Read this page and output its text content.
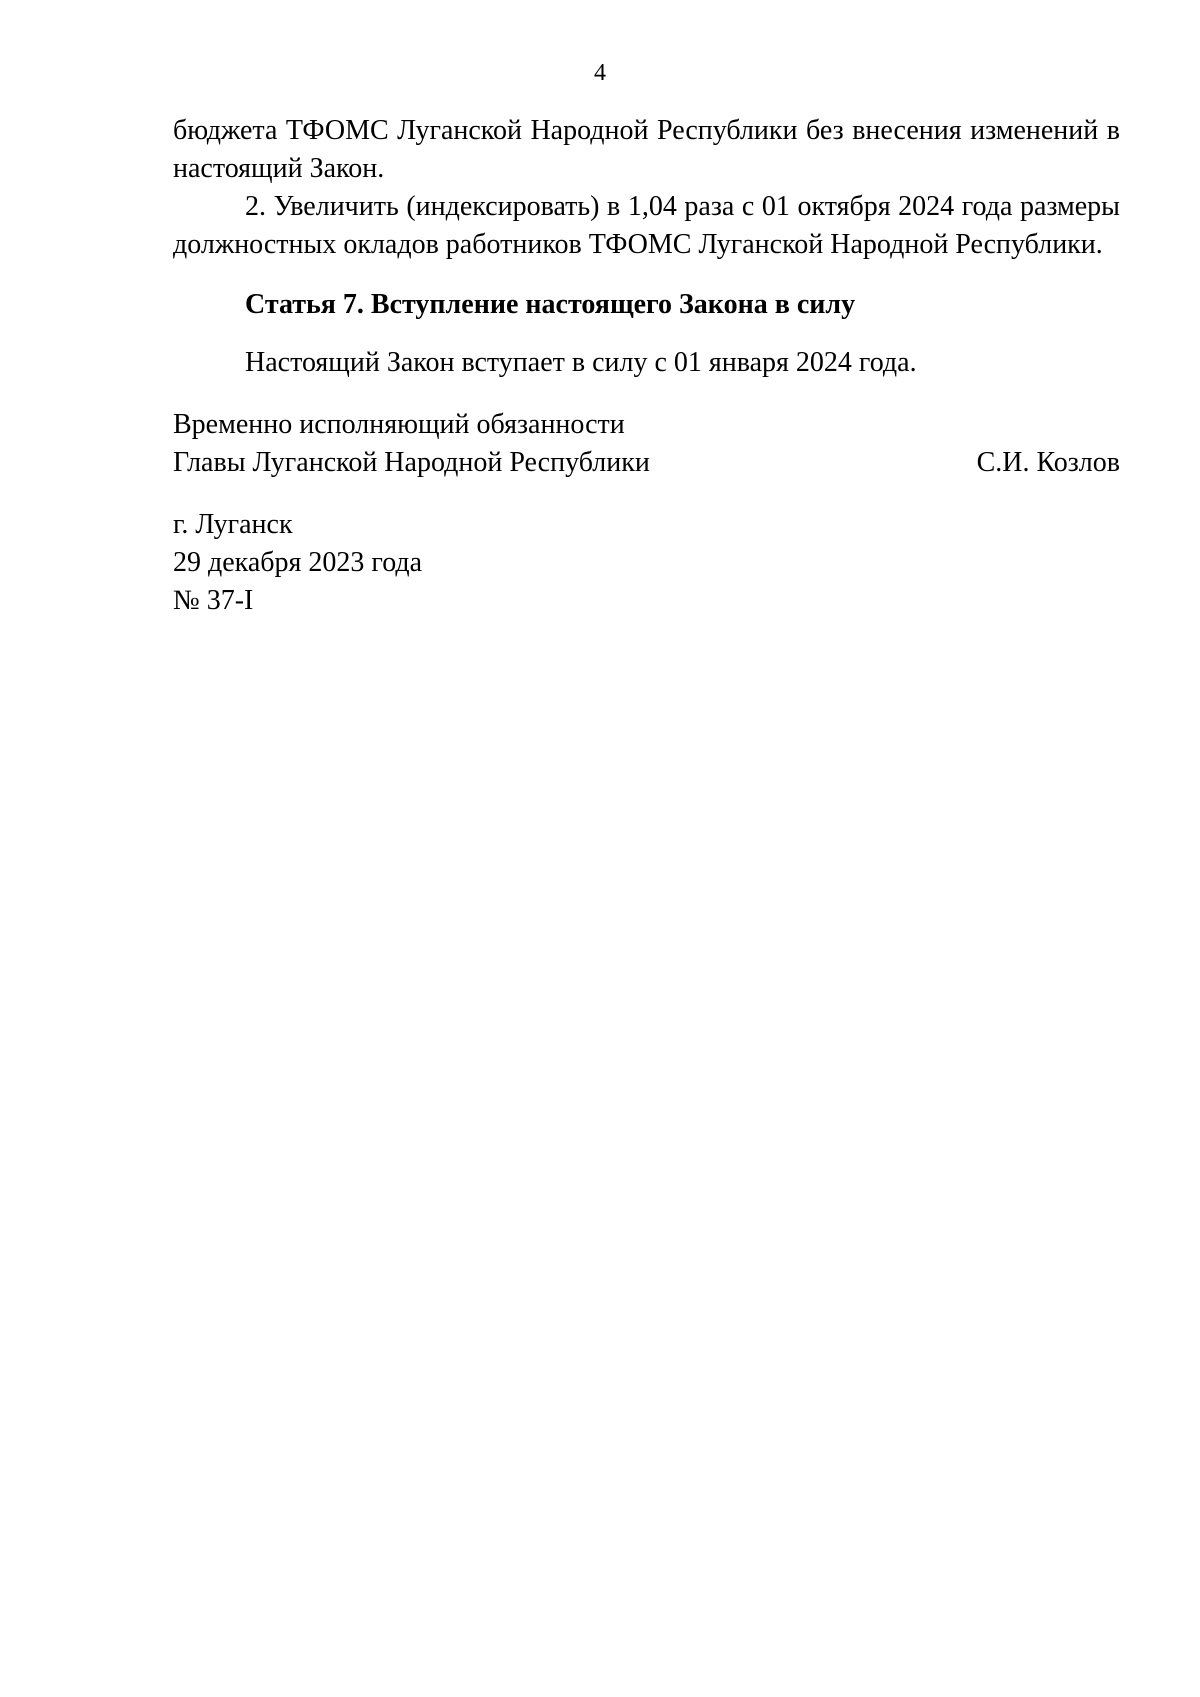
4

бюджета ТФОМС Луганской Народной Республики без внесения изменений в настоящий Закон.

2. Увеличить (индексировать) в 1,04 раза с 01 октября 2024 года размеры должностных окладов работников ТФОМС Луганской Народной Республики.

Статья 7. Вступление настоящего Закона в силу

Настоящий Закон вступает в силу с 01 января 2024 года.

Временно исполняющий обязанности
Главы Луганской Народной Республики	С.И. Козлов
г. Луганск
29 декабря 2023 года
№ 37-I
